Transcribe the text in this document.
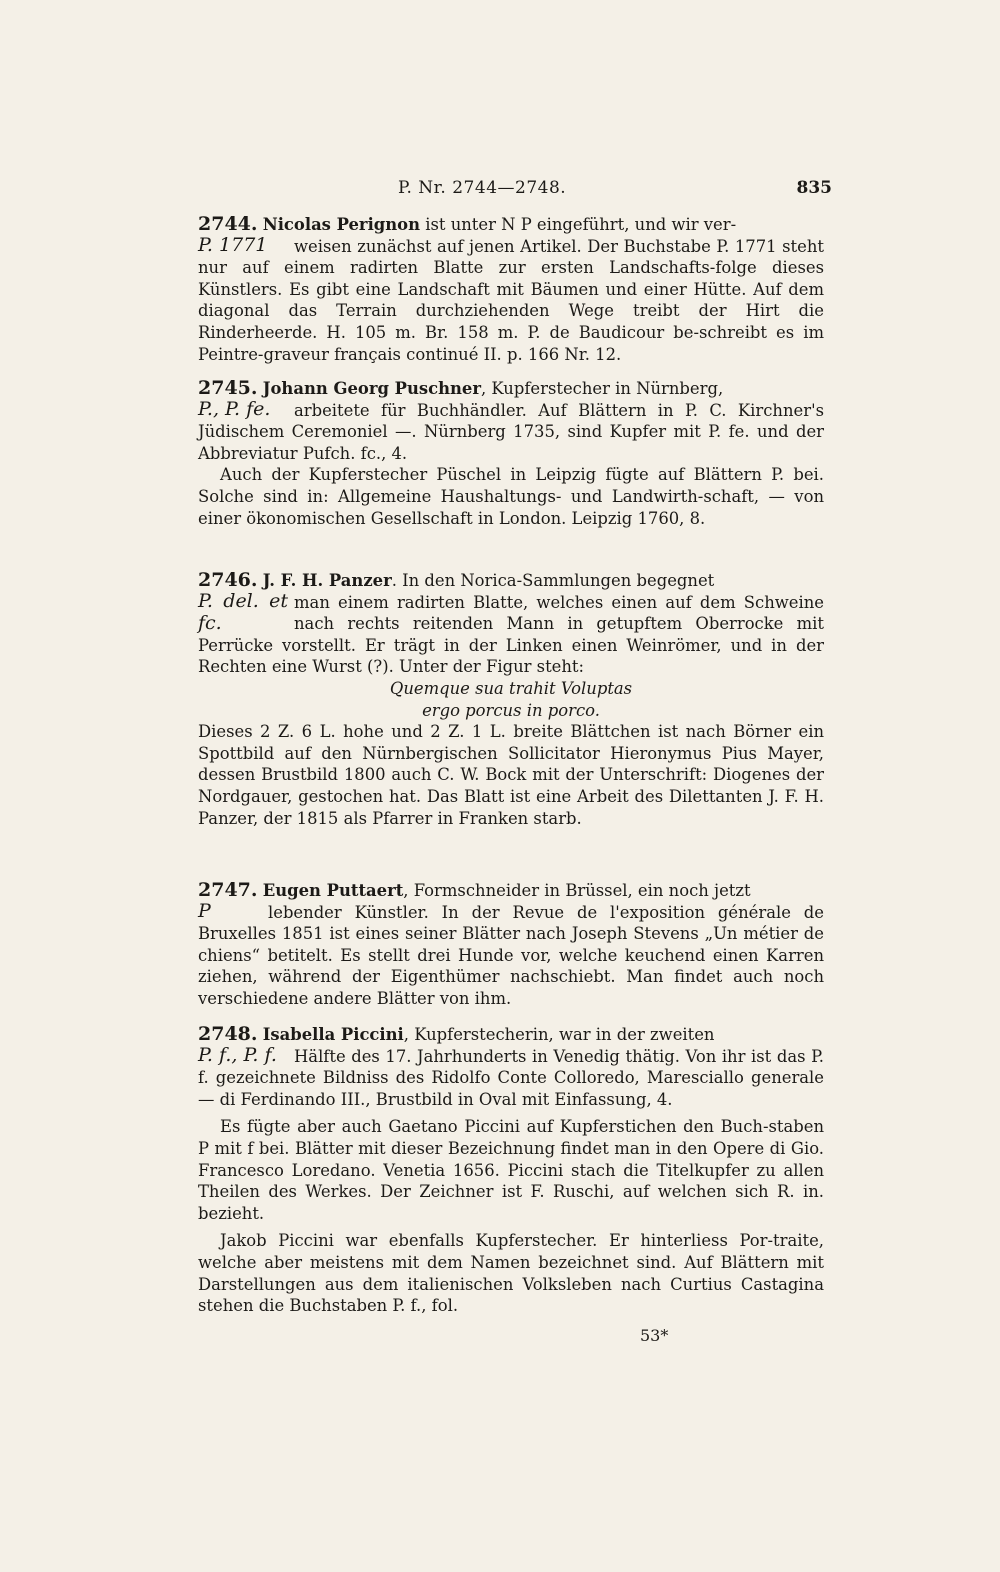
P. Nr. 2744—2748.	835

2744. Nicolas Perignon ist unter N P eingeführt, und wir ver-

P. 1771	weisen zunächst auf jenen Artikel. Der Buchstabe P. 1771 steht nur auf einem radirten Blatte zur ersten Landschafts-folge dieses Künstlers. Es gibt eine Landschaft mit Bäumen und einer Hütte. Auf dem diagonal das Terrain durchziehenden Wege treibt der Hirt die Rinderheerde. H. 105 m. Br. 158 m. P. de Baudicour be-schreibt es im Peintre-graveur français continué II. p. 166 Nr. 12.

2745. Johann Georg Puschner, Kupferstecher in Nürnberg,

P., P. fe.	arbeitete für Buchhändler. Auf Blättern in P. C. Kirchner's Jüdischem Ceremoniel —. Nürnberg 1735, sind Kupfer mit P. fe. und der Abbreviatur Pufch. fc., 4.

Auch der Kupferstecher Püschel in Leipzig fügte auf Blättern P. bei. Solche sind in: Allgemeine Haushaltungs- und Landwirth-schaft, — von einer ökonomischen Gesellschaft in London. Leipzig 1760, 8.

2746. J. F. H. Panzer. In den Norica-Sammlungen begegnet

P. del. et fc.
man einem radirten Blatte, welches einen auf dem Schweine nach rechts reitenden Mann in getupftem Oberrocke mit Perrücke vorstellt. Er trägt in der Linken einen Weinrömer, und in der Rechten eine Wurst (?). Unter der Figur steht:

Quemque sua trahit Voluptas

ergo porcus in porco.

Dieses 2 Z. 6 L. hohe und 2 Z. 1 L. breite Blättchen ist nach Börner ein Spottbild auf den Nürnbergischen Sollicitator Hieronymus Pius Mayer, dessen Brustbild 1800 auch C. W. Bock mit der Unterschrift: Diogenes der Nordgauer, gestochen hat. Das Blatt ist eine Arbeit des Dilettanten J. F. H. Panzer, der 1815 als Pfarrer in Franken starb.

2747. Eugen Puttaert, Formschneider in Brüssel, ein noch jetzt

P	lebender Künstler. In der Revue de l'exposition générale de Bruxelles 1851 ist eines seiner Blätter nach Joseph Stevens „Un métier de chiens“ betitelt. Es stellt drei Hunde vor, welche keuchend einen Karren ziehen, während der Eigenthümer nachschiebt. Man findet auch noch verschiedene andere Blätter von ihm.

2748. Isabella Piccini, Kupferstecherin, war in der zweiten

P. f., P. f.	Hälfte des 17. Jahrhunderts in Venedig thätig. Von ihr ist das P. f. gezeichnete Bildniss des Ridolfo Conte Colloredo, Maresciallo generale — di Ferdinando III., Brustbild in Oval mit Einfassung, 4.

Es fügte aber auch Gaetano Piccini auf Kupferstichen den Buch-staben P mit f bei. Blätter mit dieser Bezeichnung findet man in den Opere di Gio. Francesco Loredano. Venetia 1656. Piccini stach die Titelkupfer zu allen Theilen des Werkes. Der Zeichner ist F. Ruschi, auf welchen sich R. in. bezieht.

Jakob Piccini war ebenfalls Kupferstecher. Er hinterliess Por-traite, welche aber meistens mit dem Namen bezeichnet sind. Auf Blättern mit Darstellungen aus dem italienischen Volksleben nach Curtius Castagina stehen die Buchstaben P. f., fol.

53*
